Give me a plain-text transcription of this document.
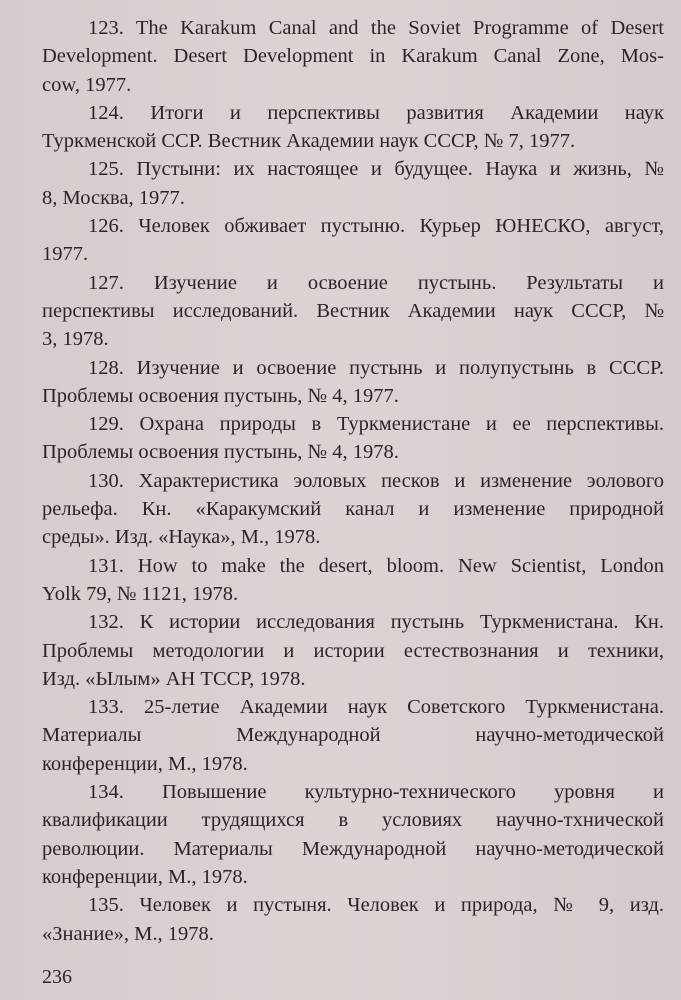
123. The Karakum Canal and the Soviet Programme of Desert
Development. Desert Development in Karakum Canal Zone, Mos-
cow, 1977.
124. Итоги и перспективы развития Академии наук
Туркменской ССР. Вестник Академии наук СССР, № 7, 1977.
125. Пустыни: их настоящее и будущее. Наука и жизнь, №
8, Москва, 1977.
126. Человек обживает пустыню. Курьер ЮНЕСКО, август,
1977.
127. Изучение и освоение пустынь. Результаты и
перспективы исследований. Вестник Академии наук СССР, №
3, 1978.
128. Изучение и освоение пустынь и полупустынь в СССР.
Проблемы освоения пустынь, № 4, 1977.
129. Охрана природы в Туркменистане и ее перспективы.
Проблемы освоения пустынь, № 4, 1978.
130. Характеристика эоловых песков и изменение эолового
рельефа. Кн. «Каракумский канал и изменение природной
среды». Изд. «Наука», М., 1978.
131. How to make the desert, bloom. New Scientist, London
Yolk 79, № 1121, 1978.
132. К истории исследования пустынь Туркменистана. Кн.
Проблемы методологии и истории естествознания и техники,
Изд. «Ылым» АН ТССР, 1978.
133. 25-летие Академии наук Советского Туркменистана.
Материалы Международной научно-методической
конференции, М., 1978.
134. Повышение культурно-технического уровня и
квалификации трудящихся в условиях научно-тхнической
революции. Материалы Международной научно-методической
конференции, М., 1978.
135. Человек и пустыня. Человек и природа, № 9, изд.
«Знание», М., 1978.
236
